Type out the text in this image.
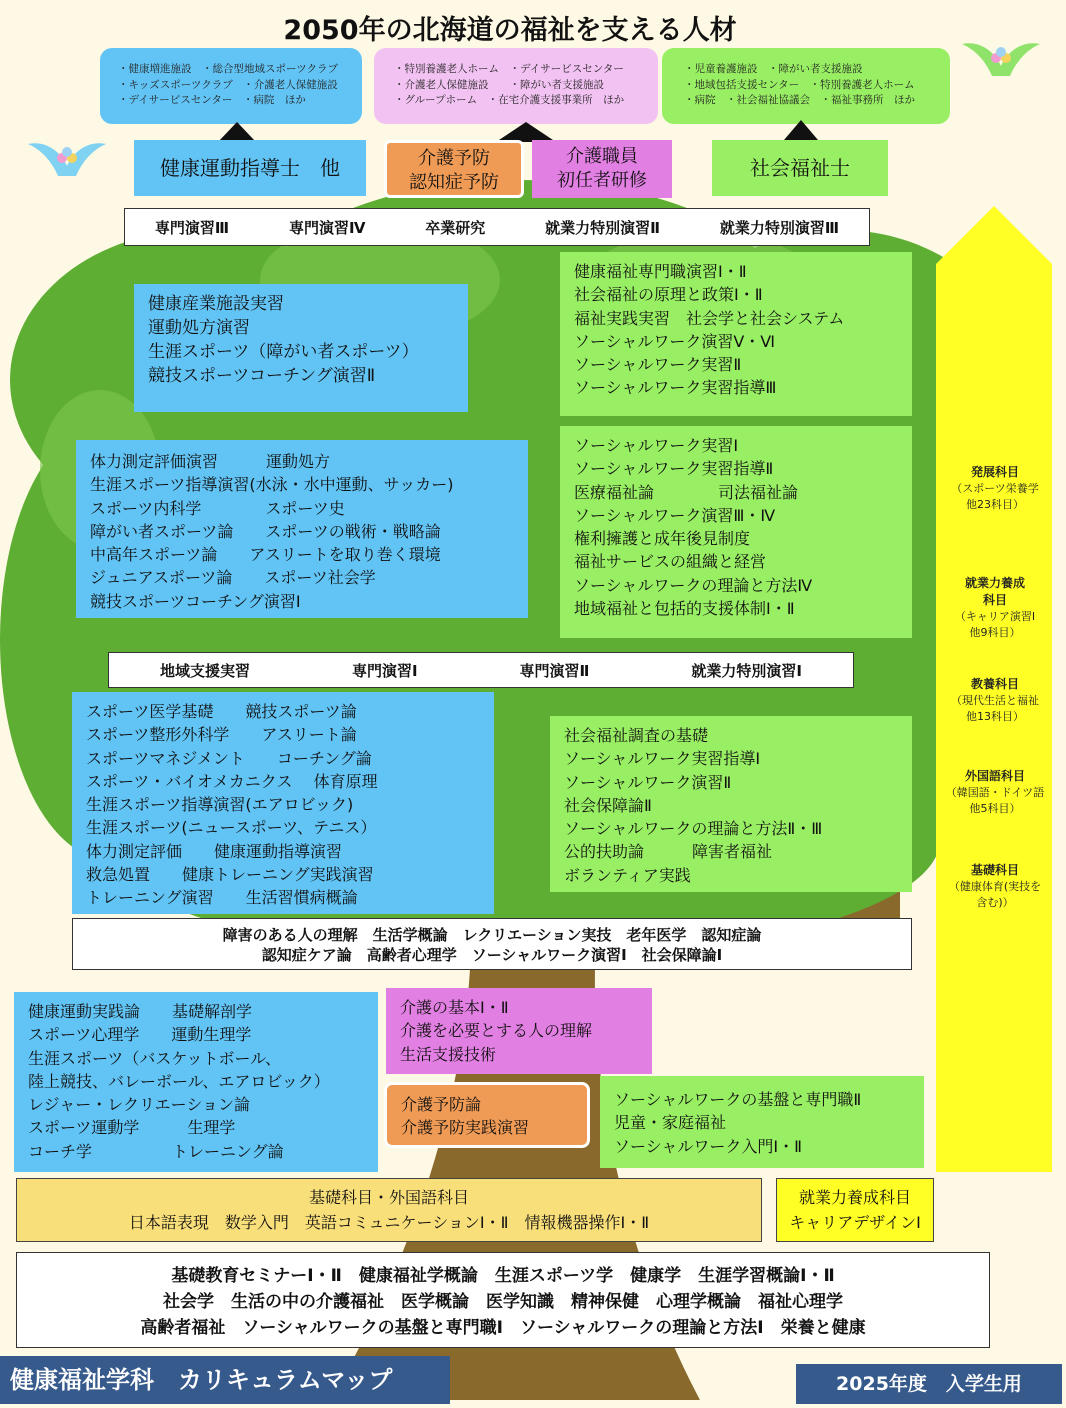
2050年の北海道の福祉を支える人材
・健康増進施設　・総合型地域スポーツクラブ
・キッズスポーツクラブ　・介護老人保健施設
・デイサービスセンター　・病院　ほか
・特別養護老人ホーム　・デイサービスセンター
・介護老人保健施設　　・障がい者支援施設
・グループホーム　・在宅介護支援事業所　ほか
・児童養護施設　・障がい者支援施設
・地域包括支援センター　・特別養護老人ホーム
・病院　・社会福祉協議会　・福祉事務所　ほか
健康運動指導士　他	介護予防
認知症予防
介護職員
初任者研修
社会福祉士
専門演習Ⅲ	専門演習Ⅳ	卒業研究	就業力特別演習Ⅱ	就業力特別演習Ⅲ
健康産業施設実習
運動処方演習
生涯スポーツ（障がい者スポーツ）
競技スポーツコーチング演習Ⅱ
健康福祉専門職演習Ⅰ・Ⅱ
社会福祉の原理と政策Ⅰ・Ⅱ
福祉実践実習　社会学と社会システム
ソーシャルワーク演習Ⅴ・Ⅵ
ソーシャルワーク実習Ⅱ
ソーシャルワーク実習指導Ⅲ
体力測定評価演習　　　運動処方
生涯スポーツ指導演習(水泳・水中運動、サッカー)
スポーツ内科学　　　　スポーツ史
障がい者スポーツ論　　スポーツの戦術・戦略論
中高年スポーツ論　　アスリートを取り巻く環境
ジュニアスポーツ論　　スポーツ社会学
競技スポーツコーチング演習Ⅰ
ソーシャルワーク実習Ⅰ
ソーシャルワーク実習指導Ⅱ
医療福祉論　　　　司法福祉論
ソーシャルワーク演習Ⅲ・Ⅳ
権利擁護と成年後見制度
福祉サービスの組織と経営
ソーシャルワークの理論と方法Ⅳ
地域福祉と包括的支援体制Ⅰ・Ⅱ
地域支援実習	専門演習Ⅰ	専門演習Ⅱ	就業力特別演習Ⅰ
スポーツ医学基礎　　競技スポーツ論
スポーツ整形外科学　　アスリート論
スポーツマネジメント　　コーチング論
スポーツ・バイオメカニクス　 体育原理
生涯スポーツ指導演習(エアロビック)
生涯スポーツ(ニュースポーツ、テニス）
体力測定評価　　健康運動指導演習
救急処置　　健康トレーニング実践演習
トレーニング演習　　生活習慣病概論
社会福祉調査の基礎
ソーシャルワーク実習指導Ⅰ
ソーシャルワーク演習Ⅱ
社会保障論Ⅱ
ソーシャルワークの理論と方法Ⅱ・Ⅲ
公的扶助論　　　障害者福祉
ボランティア実践
障害のある人の理解　生活学概論　レクリエーション実技　老年医学　認知症論
認知症ケア論　高齢者心理学　ソーシャルワーク演習Ⅰ　社会保障論Ⅰ
健康運動実践論　　基礎解剖学
スポーツ心理学　　運動生理学
生涯スポーツ（バスケットボール、
陸上競技、バレーボール、エアロビック）
レジャー・レクリエーション論
スポーツ運動学　　　生理学
コーチ学　　　　　トレーニング論
介護の基本Ⅰ・Ⅱ
介護を必要とする人の理解
生活支援技術
介護予防論
介護予防実践演習
ソーシャルワークの基盤と専門職Ⅱ
児童・家庭福祉
ソーシャルワーク入門Ⅰ・Ⅱ
基礎科目・外国語科目
日本語表現　数学入門　英語コミュニケーションⅠ・Ⅱ　情報機器操作Ⅰ・Ⅱ
就業力養成科目
キャリアデザインⅠ
基礎教育セミナーⅠ・Ⅱ　健康福祉学概論　生涯スポーツ学　健康学　生涯学習概論Ⅰ・Ⅱ
社会学　生活の中の介護福祉　医学概論　医学知識　精神保健　心理学概論　福祉心理学
高齢者福祉　ソーシャルワークの基盤と専門職Ⅰ　ソーシャルワークの理論と方法Ⅰ　栄養と健康
発展科目
（スポーツ栄養学
他23科目）

就業力養成
科目
（キャリア演習Ⅰ
他9科目）

教養科目
（現代生活と福祉
他13科目）
外国語科目
（韓国語・ドイツ語
他5科目）
基礎科目
（健康体育(実技を
含む)）
健康福祉学科　カリキュラムマップ	2025年度　入学生用
